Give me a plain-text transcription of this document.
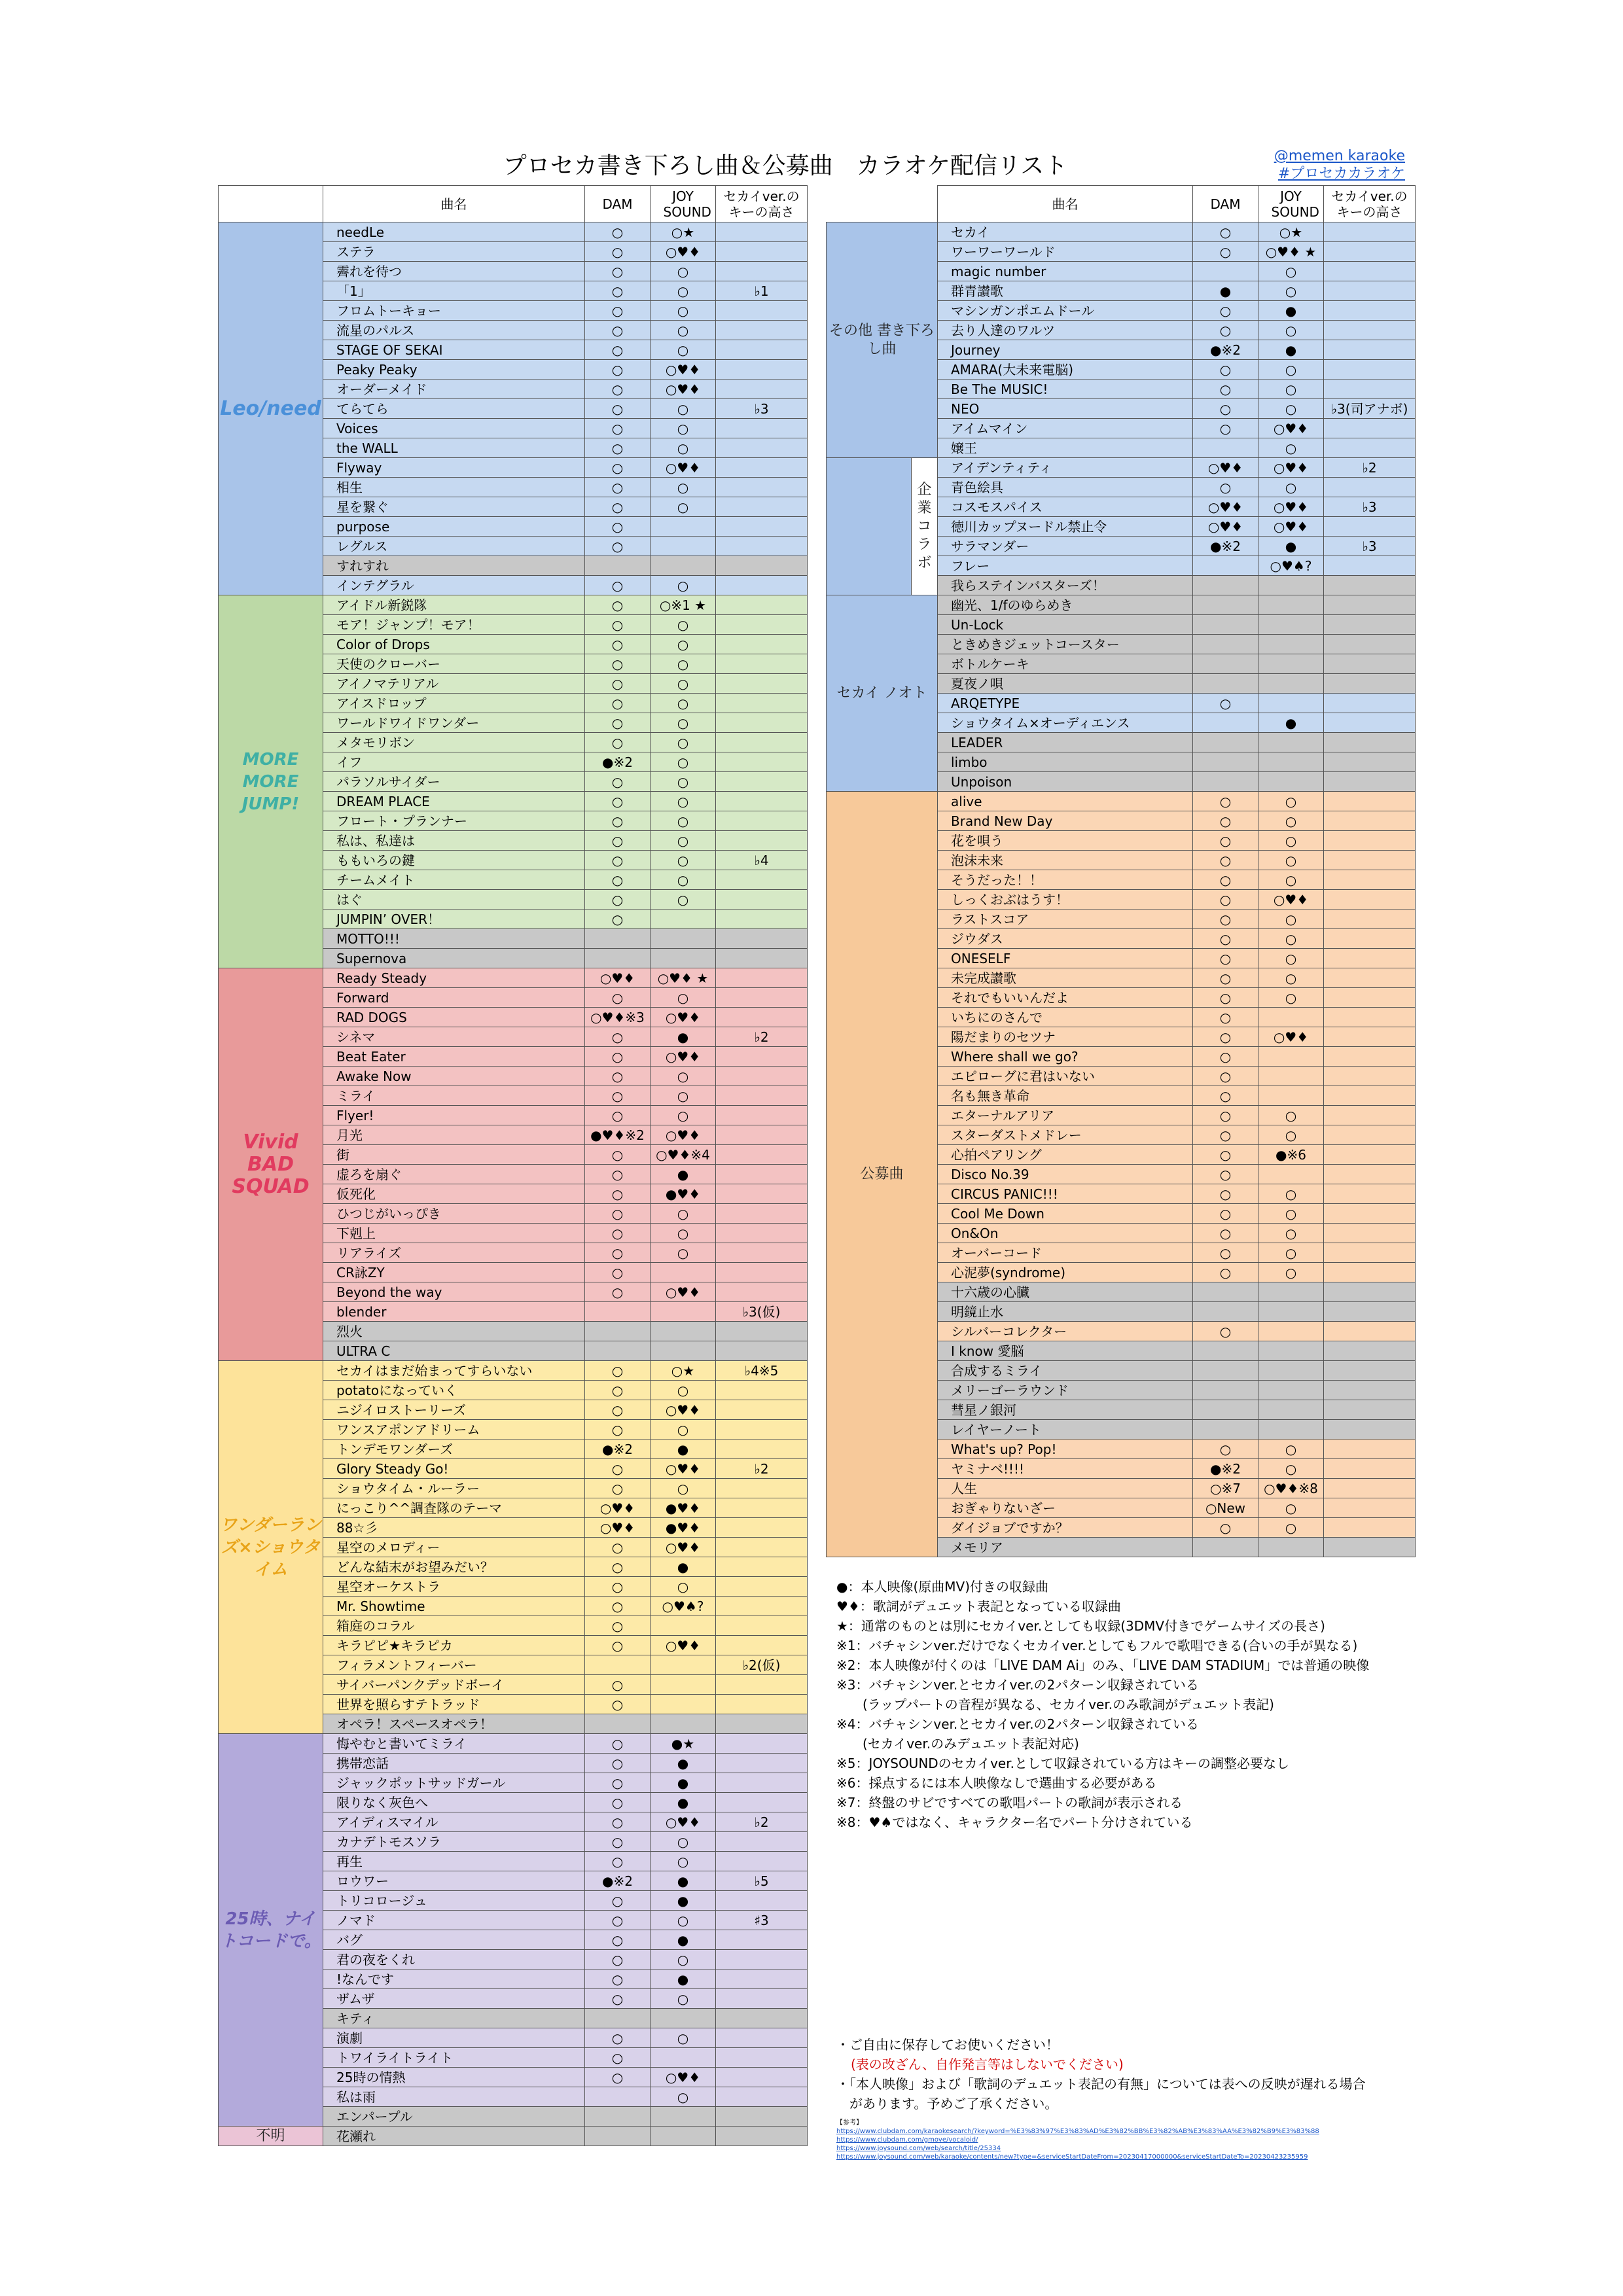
プロセカ書き下ろし曲＆公募曲　カラオケ配信リスト	@memen karaoke
#プロセカカラオケ
	曲名	DAM	JOY SOUND	セカイver.の キーの高さ

Leo/need	needLe	○	○★	
	ステラ	○	○♥♦	
	霽れを待つ	○	○	
	「1」	○	○	♭1
	フロムトーキョー	○	○	
	流星のパルス	○	○	
	STAGE OF SEKAI	○	○	
	Peaky Peaky	○	○♥♦	
	オーダーメイド	○	○♥♦	
	てらてら	○	○	♭3
	Voices	○	○	
	the WALL	○	○	
	Flyway	○	○♥♦	
	相生	○	○	
	星を繋ぐ	○	○	
	purpose	○		
	レグルス	○		
	すれすれ			
	インテグラル	○	○	
MORE MORE JUMP!	アイドル新鋭隊	○	○※1 ★	
	モア！ジャンプ！モア！	○	○	
	Color of Drops	○	○	
	天使のクローバー	○	○	
	アイノマテリアル	○	○	
	アイスドロップ	○	○	
	ワールドワイドワンダー	○	○	
	メタモリボン	○	○	
	イフ	●※2	○	
	パラソルサイダー	○	○	
	DREAM PLACE	○	○	
	フロート・プランナー	○	○	
	私は、私達は	○	○	
	ももいろの鍵	○	○	♭4
	チームメイト	○	○	
	はぐ	○	○	
	JUMPIN’ OVER！	○		
	MOTTO!!!			
	Supernova			
Vivid BAD SQUAD	Ready Steady	○♥♦	○♥♦ ★	
	Forward	○	○	
	RAD DOGS	○♥♦※3	○♥♦	
	シネマ	○	●	♭2
	Beat Eater	○	○♥♦	
	Awake Now	○	○	
	ミライ	○	○	
	Flyer!	○	○	
	月光	●♥♦※2	○♥♦	
	街	○	○♥♦※4	
	虚ろを扇ぐ	○	●	
	仮死化	○	●♥♦	
	ひつじがいっぴき	○	○	
	下剋上	○	○	
	リアライズ	○	○	
	CR詠ZY	○		
	Beyond the way	○	○♥♦	
	blender			♭3(仮)
	烈火			
	ULTRA C			
ワンダーランズ×ショウタイム	セカイはまだ始まってすらいない	○	○★	♭4※5
	potatoになっていく	○	○	
	ニジイロストーリーズ	○	○♥♦	
	ワンスアポンアドリーム	○	○	
	トンデモワンダーズ	●※2	●	
	Glory Steady Go!	○	○♥♦	♭2
	ショウタイム・ルーラー	○	○	
	にっこり^^調査隊のテーマ	○♥♦	●♥♦	
	88☆彡	○♥♦	●♥♦	
	星空のメロディー	○	○♥♦	
	どんな結末がお望みだい？	○	●	
	星空オーケストラ	○	○	
	Mr. Showtime	○	○♥♠?	
	箱庭のコラル	○		
	キラピピ★キラピカ	○	○♥♦	
	フィラメントフィーバー			♭2(仮)
	サイバーパンクデッドボーイ	○		
	世界を照らすテトラッド	○		
	オペラ！スペースオペラ！			
25時、ナイトコードで。	悔やむと書いてミライ	○	●★	
	携帯恋話	○	●	
	ジャックポットサッドガール	○	●	
	限りなく灰色へ	○	●	
	アイディスマイル	○	○♥♦	♭2
	カナデトモスソラ	○	○	
	再生	○	○	
	ロウワー	●※2	●	♭5
	トリコロージュ	○	●	
	ノマド	○	○	♯3
	バグ	○	●	
	君の夜をくれ	○	○	
	!なんです	○	●	
	ザムザ	○	○	
	キティ			
	演劇	○	○	
	トワイライトライト	○		
	25時の情熱	○	○♥♦	
	私は雨		○	
	エンパープル			
不明	花瀬れ			
		曲名	DAM	JOY SOUND	セカイver.の キーの高さ

その他 書き下ろし曲		セカイ	○	○★	
		ワーワーワールド	○	○♥♦ ★	
		magic number		○	
		群青讃歌	●	○	
		マシンガンポエムドール	○	●	
		去り人達のワルツ	○	○	
		Journey	●※2	●	
		AMARA(大未来電脳)	○	○	
		Be The MUSIC!	○	○	
		NEO	○	○	♭3(司アナボ)
		アイムマイン	○	○♥♦	
		嬢王		○	
	企業 コラボ	アイデンティティ	○♥♦	○♥♦	♭2
		青色絵具	○	○	
		コスモスパイス	○♥♦	○♥♦	♭3
		徳川カップヌードル禁止令	○♥♦	○♥♦	
		サラマンダー	●※2	●	♭3
		フレー		○♥♠?	
		我らステインバスターズ！			
セカイ ノオト		幽光、1/fのゆらめき			
		Un-Lock			
		ときめきジェットコースター			
		ボトルケーキ			
		夏夜ノ唄			
		ARQETYPE	○		
		ショウタイム×オーディエンス		●	
		LEADER			
		limbo			
		Unpoison			
公募曲		alive	○	○	
		Brand New Day	○	○	
		花を唄う	○	○	
		泡沫未来	○	○	
		そうだった！！	○	○	
		しっくおぶはうす！	○	○♥♦	
		ラストスコア	○	○	
		ジウダス	○	○	
		ONESELF	○	○	
		未完成讃歌	○	○	
		それでもいいんだよ	○	○	
		いちにのさんで	○		
		陽だまりのセツナ	○	○♥♦	
		Where shall we go?	○		
		エピローグに君はいない	○		
		名も無き革命	○		
		エターナルアリア	○	○	
		スターダストメドレー	○	○	
		心拍ペアリング	○	●※6	
		Disco No.39	○		
		CIRCUS PANIC!!!	○	○	
		Cool Me Down	○	○	
		On&On	○	○	
		オーバーコード	○	○	
		心泥夢(syndrome)	○	○	
		十六歳の心臓			
		明鏡止水			
		シルバーコレクター	○		
		I know 愛脳			
		合成するミライ			
		メリーゴーラウンド			
		彗星ノ銀河			
		レイヤーノート			
		What's up? Pop!	○	○	
		ヤミナベ!!!!	●※2	○	
		人生	○※7	○♥♦※8	
		おぎゃりないざー	○New	○	
		ダイジョブですか？	○	○	
		メモリア			
●：本人映像(原曲MV)付きの収録曲
♥♦：歌詞がデュエット表記となっている収録曲
★：通常のものとは別にセカイver.としても収録(3DMV付きでゲームサイズの長さ)
※1：バチャシンver.だけでなくセカイver.としてもフルで歌唱できる(合いの手が異なる)
※2：本人映像が付くのは「LIVE DAM Ai」のみ、「LIVE DAM STADIUM」では普通の映像
※3：バチャシンver.とセカイver.の2パターン収録されている
　　(ラップパートの音程が異なる、セカイver.のみ歌詞がデュエット表記)
※4：バチャシンver.とセカイver.の2パターン収録されている
　　(セカイver.のみデュエット表記対応)
※5：JOYSOUNDのセカイver.として収録されている方はキーの調整必要なし
※6：採点するには本人映像なしで選曲する必要がある
※7：終盤のサビですべての歌唱パートの歌詞が表示される
※8：♥♠ではなく、キャラクター名でパート分けされている
・ご自由に保存してお使いください！
(表の改ざん、自作発言等はしないでください)
・「本人映像」および「歌詞のデュエット表記の有無」については表への反映が遅れる場合
　があります。予めご了承ください。
【参考】
https://www.clubdam.com/karaokesearch/?keyword=%E3%83%97%E3%83%AD%E3%82%BB%E3%82%AB%E3%83%AA%E3%82%B9%E3%83%88
https://www.clubdam.com/gmove/vocaloid/
https://www.joysound.com/web/search/title/25334
https://www.joysound.com/web/karaoke/contents/new?type=&serviceStartDateFrom=20230417000000&serviceStartDateTo=20230423235959
